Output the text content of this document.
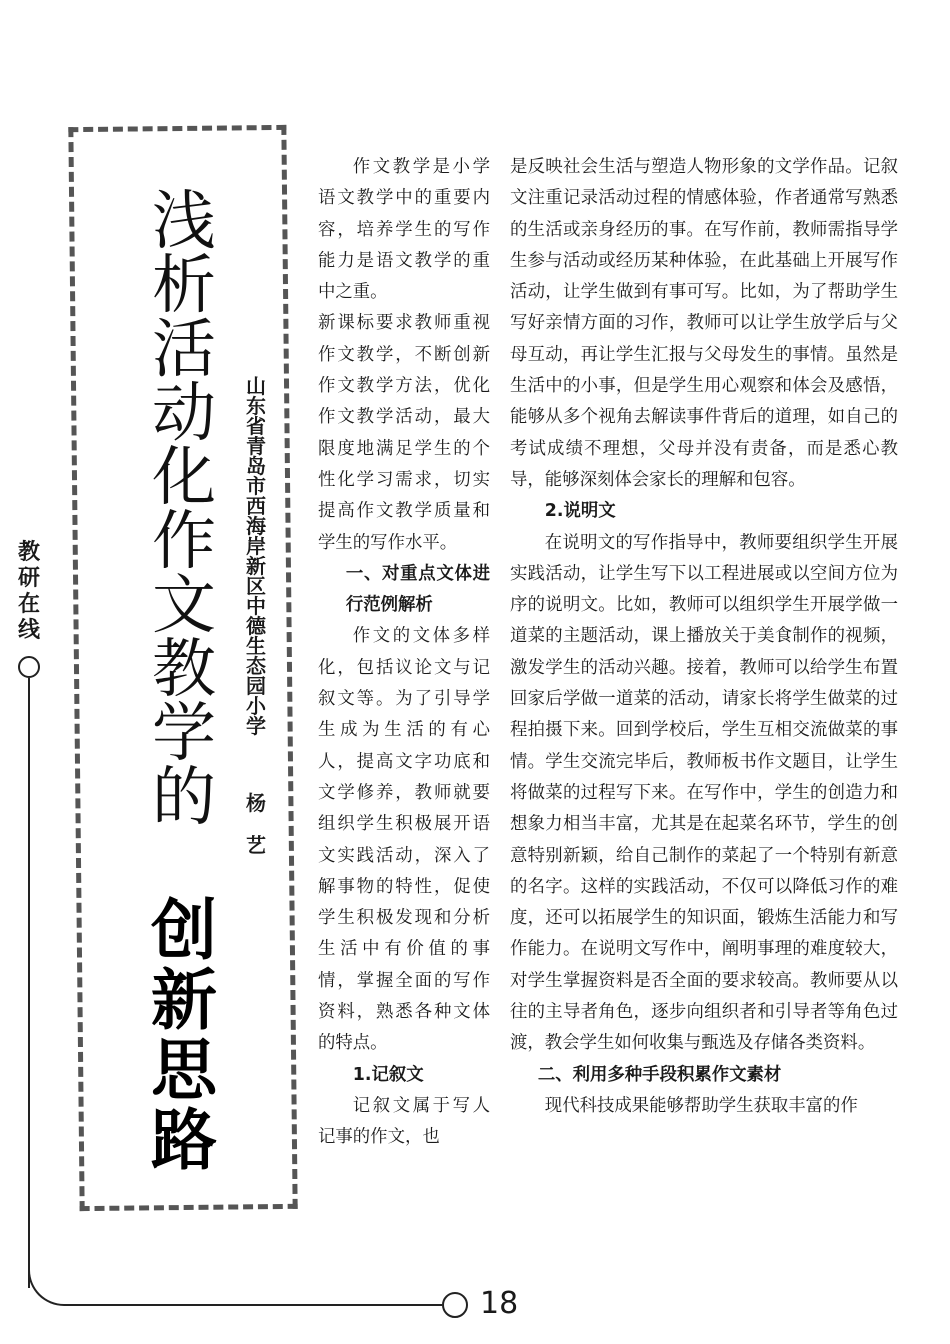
教研在线
18
浅析活动化作文教学的
创新思路
山东省青岛市西海岸新区中德生态园小学
杨艺

作文教学是小学语文教学中的重要内容，培养学生的写作能力是语文教学的重中之重。

新课标要求教师重视作文教学，不断创新作文教学方法，优化作文教学活动，最大限度地满足学生的个性化学习需求，切实提高作文教学质量和学生的写作水平。

一、对重点文体进行范例解析

作文的文体多样化，包括议论文与记叙文等。为了引导学生成为生活的有心人，提高文字功底和文学修养，教师就要组织学生积极展开语文实践活动，深入了解事物的特性，促使学生积极发现和分析生活中有价值的事情，掌握全面的写作资料，熟悉各种文体的特点。

1.记叙文

记叙文属于写人记事的作文，也

是反映社会生活与塑造人物形象的文学作品。记叙文注重记录活动过程的情感体验，作者通常写熟悉的生活或亲身经历的事。在写作前，教师需指导学生参与活动或经历某种体验，在此基础上开展写作活动，让学生做到有事可写。比如，为了帮助学生写好亲情方面的习作，教师可以让学生放学后与父母互动，再让学生汇报与父母发生的事情。虽然是生活中的小事，但是学生用心观察和体会及感悟，能够从多个视角去解读事件背后的道理，如自己的考试成绩不理想，父母并没有责备，而是悉心教导，能够深刻体会家长的理解和包容。

2.说明文

在说明文的写作指导中，教师要组织学生开展实践活动，让学生写下以工程进展或以空间方位为序的说明文。比如，教师可以组织学生开展学做一道菜的主题活动，课上播放关于美食制作的视频，激发学生的活动兴趣。接着，教师可以给学生布置回家后学做一道菜的活动，请家长将学生做菜的过程拍摄下来。回到学校后，学生互相交流做菜的事情。学生交流完毕后，教师板书作文题目，让学生将做菜的过程写下来。在写作中，学生的创造力和想象力相当丰富，尤其是在起菜名环节，学生的创意特别新颖，给自己制作的菜起了一个特别有新意的名字。这样的实践活动，不仅可以降低习作的难度，还可以拓展学生的知识面，锻炼生活能力和写作能力。在说明文写作中，阐明事理的难度较大，对学生掌握资料是否全面的要求较高。教师要从以往的主导者角色，逐步向组织者和引导者等角色过渡，教会学生如何收集与甄选及存储各类资料。

二、利用多种手段积累作文素材

现代科技成果能够帮助学生获取丰富的作
